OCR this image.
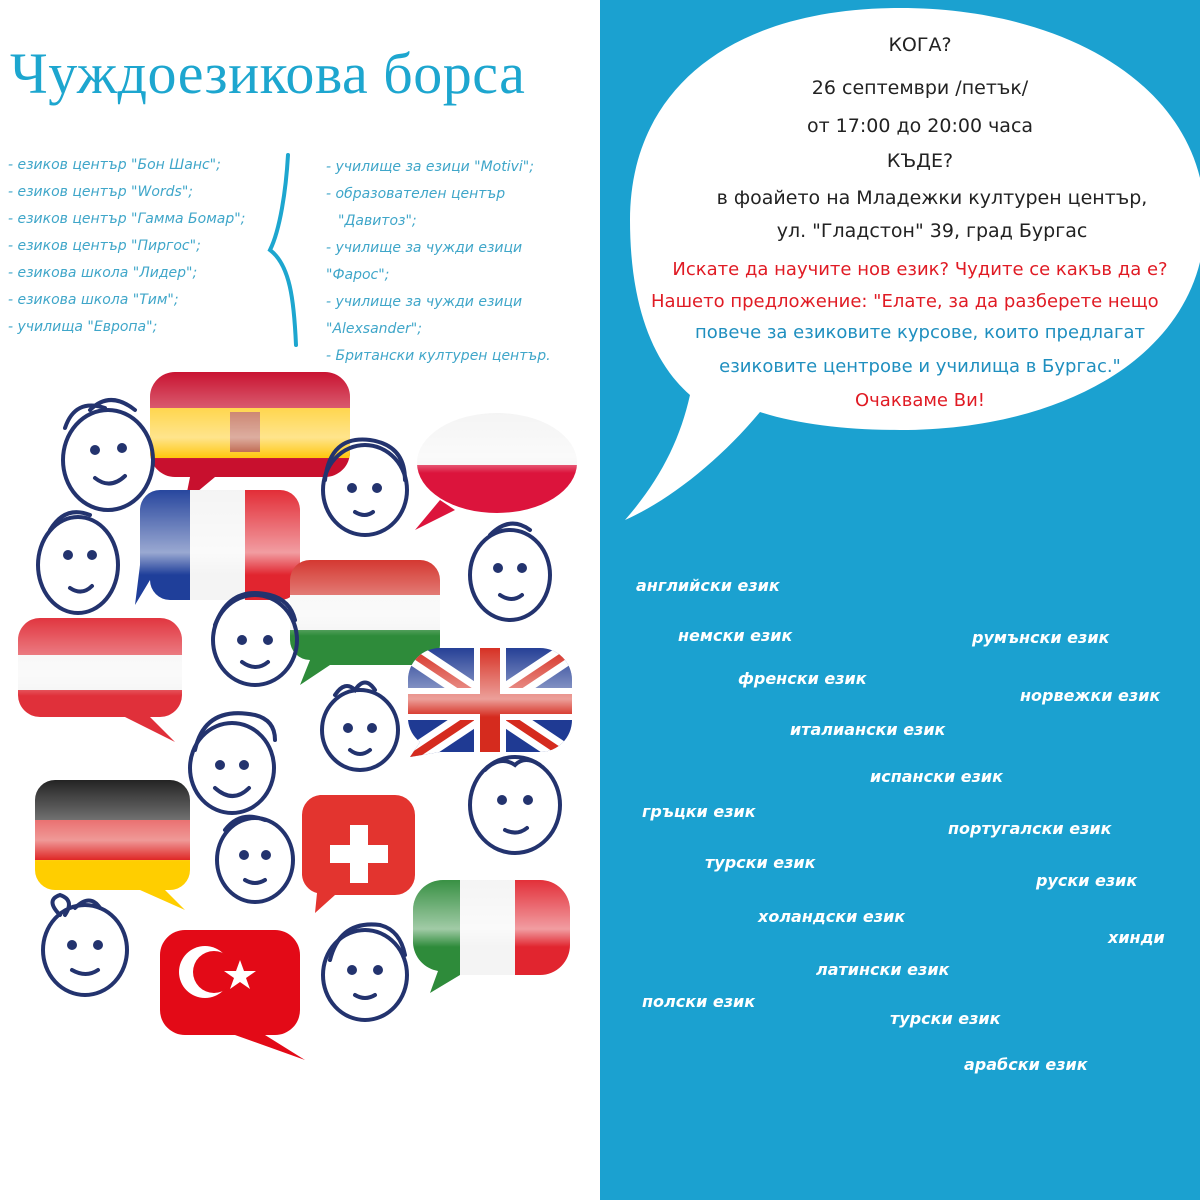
Чуждоезикова борса
- езиков център "Бон Шанс";
- езиков център "Words";
- езиков център "Гамма Бомар";
- езиков център "Пиргос";
- езикова школа "Лидер";
- езикова школа "Тим";
- училища "Европа";
- училище за езици "Motivi";
- образователен център
"Давитоз";
- училище за чужди езици
"Фарос";
- училище за чужди езици
"Alexsander";
- Британски културен център.
КОГА?
26 септември /петък/
от 17:00 до 20:00 часа
КЪДЕ?
в фоайето на Младежки културен център,
ул. "Гладстон" 39, град Бургас
Искате да научите нов език? Чудите се какъв да е?
Нашето предложение: "Елате, за да разберете нещо
повече за езиковите курсове, които предлагат
езиковите центрове и училища в Бургас."
Очакваме Ви!
английски език
немски език	румънски език
френски език
норвежки език
италиански език
испански език
гръцки език
португалски език
турски език
руски език
холандски език
хинди
латински език
полски език
турски език
арабски език
